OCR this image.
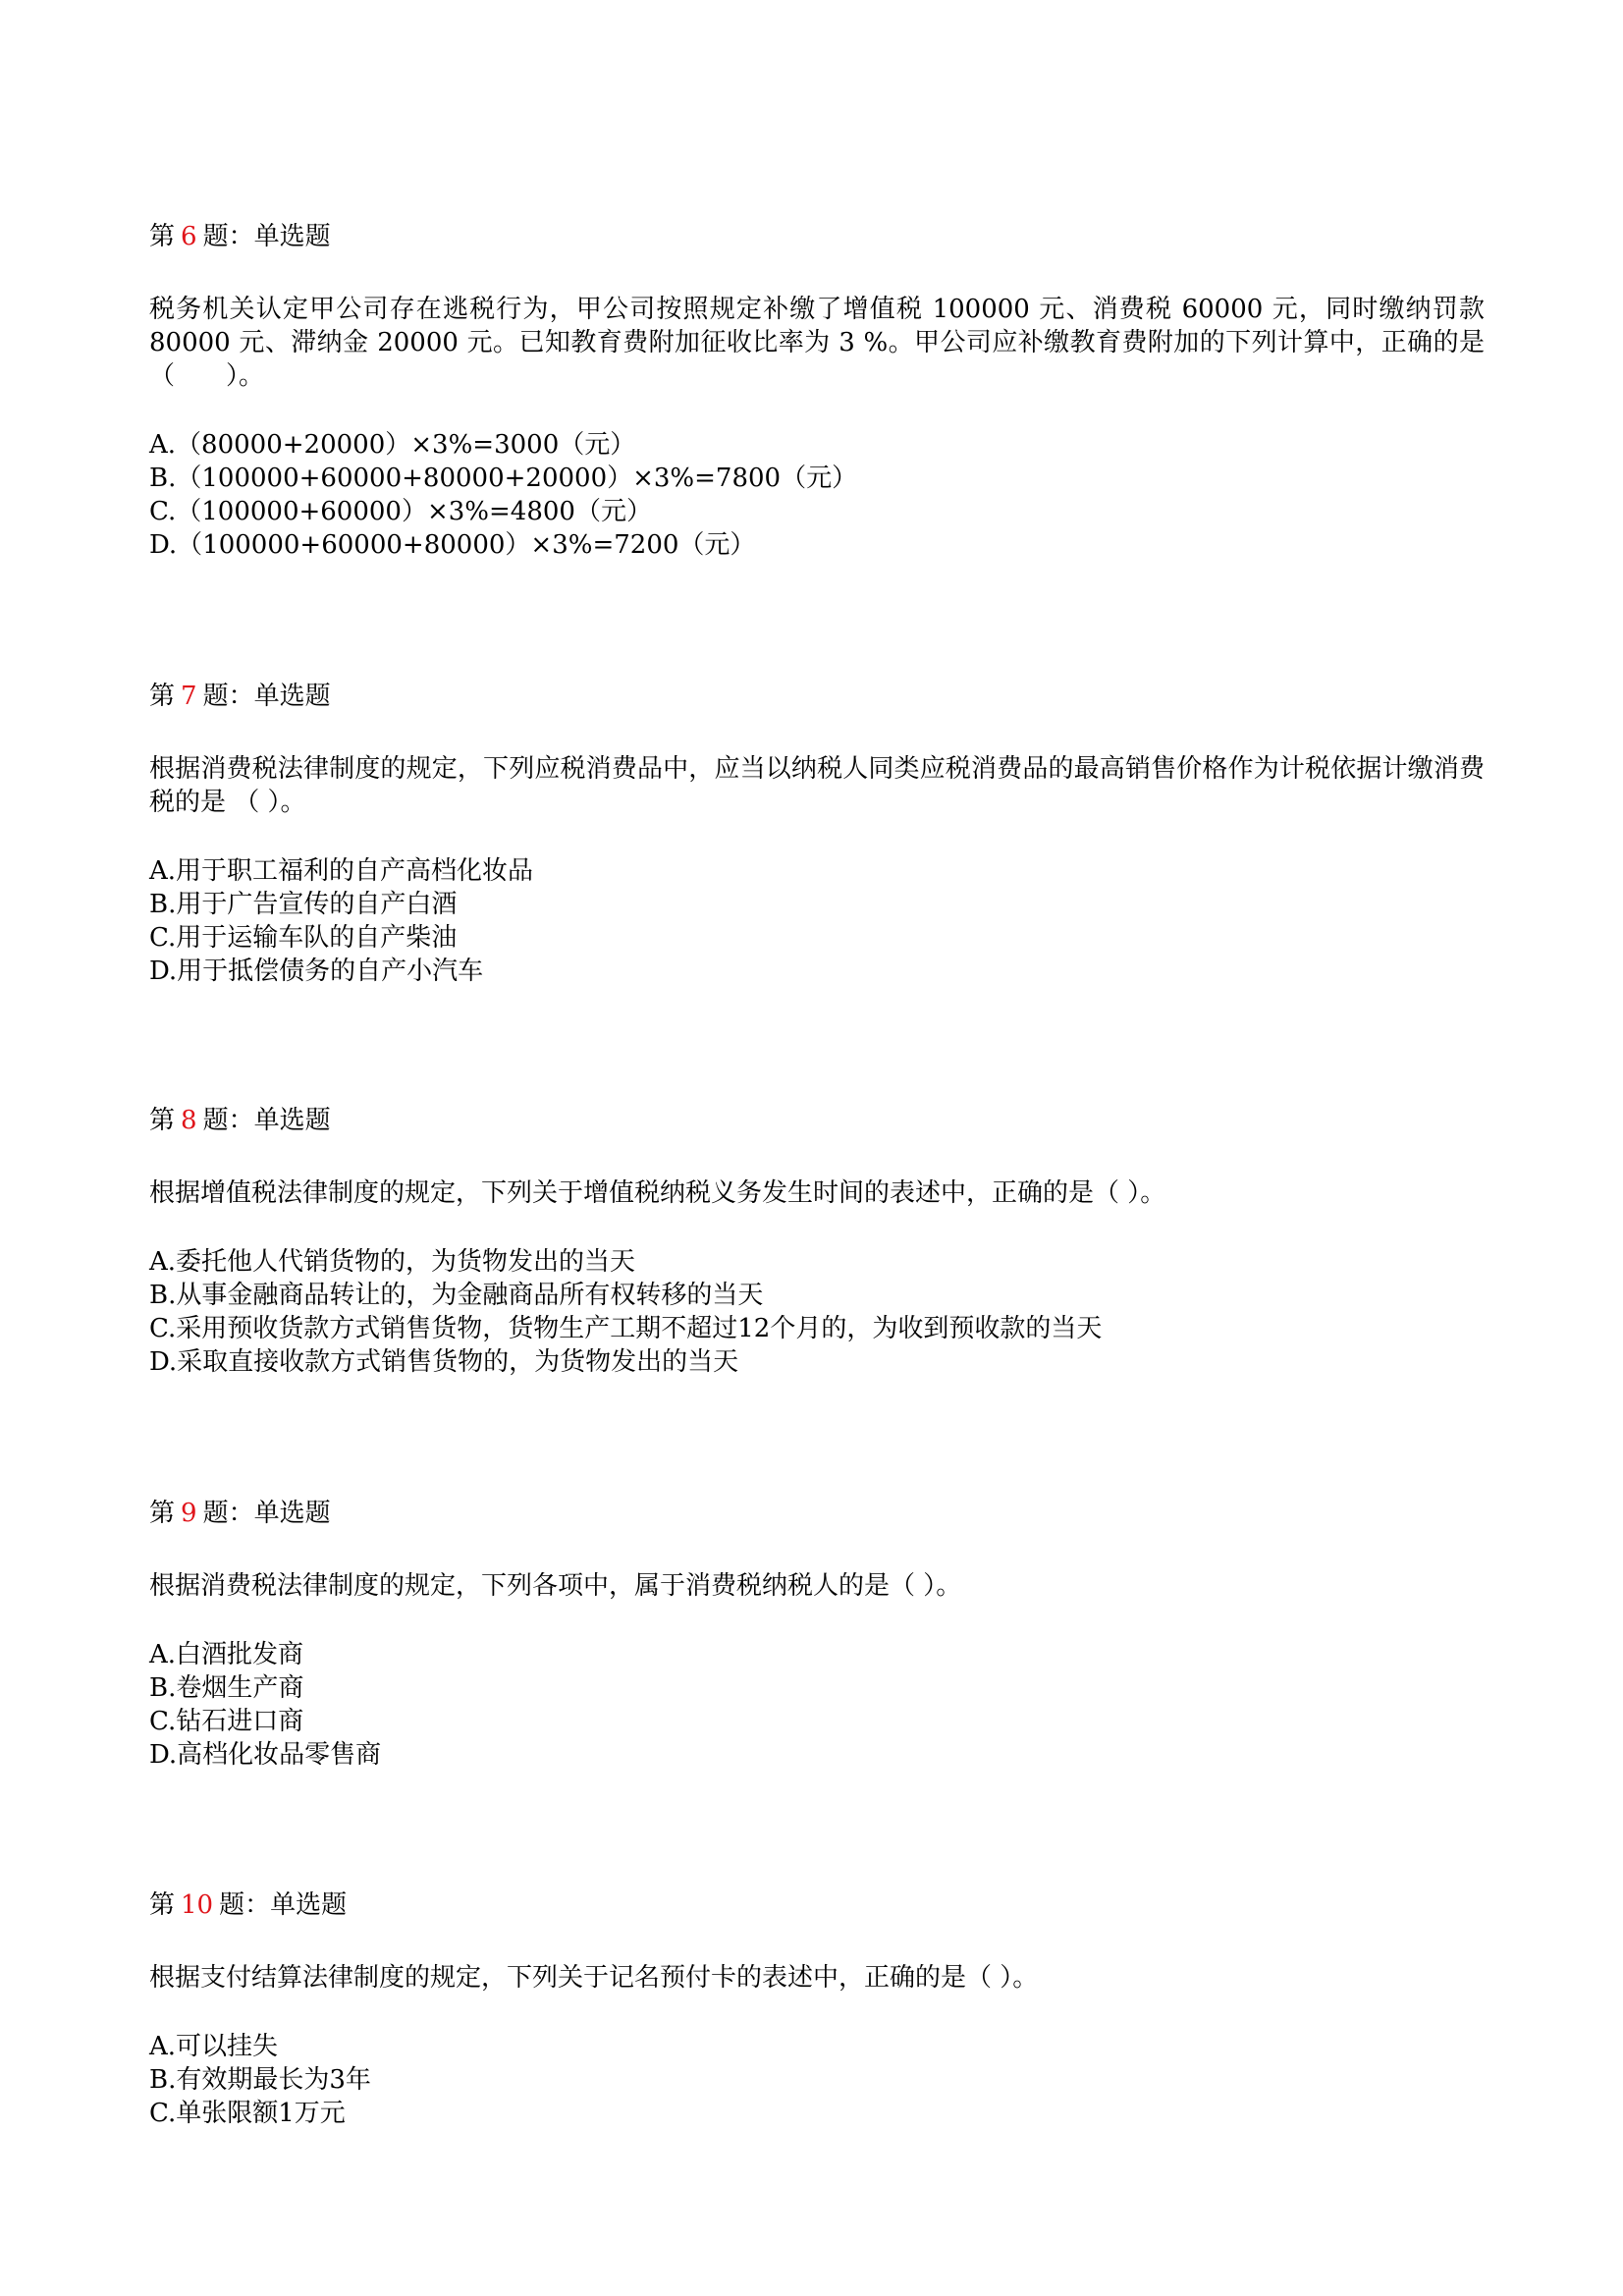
第 6 题：单选题
税务机关认定甲公司存在逃税行为，甲公司按照规定补缴了增值税 100000 元、消费税 60000 元，同时缴纳罚款 80000 元、滞纳金 20000 元。已知教育费附加征收比率为 3 %。甲公司应补缴教育费附加的下列计算中，正确的是（　　）。
A.（80000+20000）×3%=3000（元）
B.（100000+60000+80000+20000）×3%=7800（元）
C.（100000+60000）×3%=4800（元）
D.（100000+60000+80000）×3%=7200（元）
第 7 题：单选题
根据消费税法律制度的规定，下列应税消费品中，应当以纳税人同类应税消费品的最高销售价格作为计税依据计缴消费税的是 （ ）。
A.用于职工福利的自产高档化妆品
B.用于广告宣传的自产白酒
C.用于运输车队的自产柴油
D.用于抵偿债务的自产小汽车
第 8 题：单选题
根据增值税法律制度的规定，下列关于增值税纳税义务发生时间的表述中，正确的是（ ）。
A.委托他人代销货物的，为货物发出的当天
B.从事金融商品转让的，为金融商品所有权转移的当天
C.采用预收货款方式销售货物，货物生产工期不超过12个月的，为收到预收款的当天
D.采取直接收款方式销售货物的，为货物发出的当天
第 9 题：单选题
根据消费税法律制度的规定，下列各项中，属于消费税纳税人的是（ ）。
A.白酒批发商
B.卷烟生产商
C.钻石进口商
D.高档化妆品零售商
第 10 题：单选题
根据支付结算法律制度的规定，下列关于记名预付卡的表述中，正确的是（ ）。
A.可以挂失
B.有效期最长为3年
C.单张限额1万元
